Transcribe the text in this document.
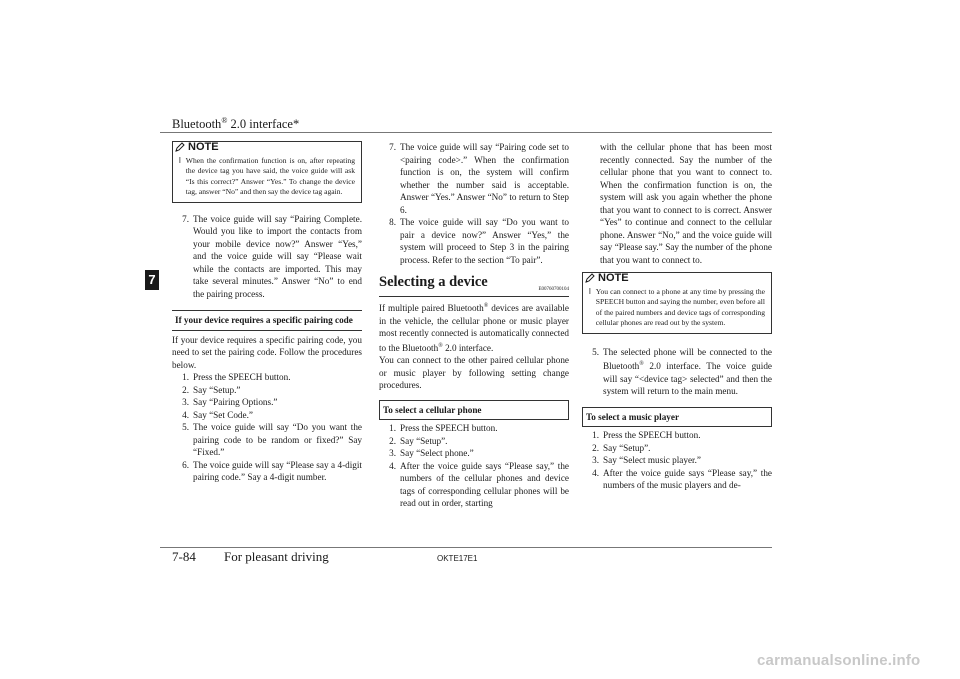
Bluetooth® 2.0 interface*
7
NOTE
l When the confirmation function is on, after repeating the device tag you have said, the voice guide will ask “Is this correct?” Answer “Yes.” To change the device tag, answer “No” and then say the device tag again.
7. The voice guide will say “Pairing Complete. Would you like to import the contacts from your mobile device now?” Answer “Yes,” and the voice guide will say “Please wait while the contacts are imported. This may take several minutes.” Answer “No” to end the pairing process.
If your device requires a specific pairing code

If your device requires a specific pairing code, you need to set the pairing code. Follow the procedures below.

1. Press the SPEECH button.
2. Say “Setup.”
3. Say “Pairing Options.”
4. Say “Set Code.”
5. The voice guide will say “Do you want the pairing code to be random or fixed?” Say “Fixed.”
6. The voice guide will say “Please say a 4-digit pairing code.” Say a 4-digit number.
7. The voice guide will say “Pairing code set to <pairing code>.” When the confirmation function is on, the system will confirm whether the number said is acceptable. Answer “Yes.” Answer “No” to return to Step 6.
8. The voice guide will say “Do you want to pair a device now?” Answer “Yes,” the system will proceed to Step 3 in the pairing process. Refer to the section “To pair”.
Selecting a device	E00760700104

If multiple paired Bluetooth® devices are available in the vehicle, the cellular phone or music player most recently connected is automatically connected to the Bluetooth® 2.0 interface.

You can connect to the other paired cellular phone or music player by following setting change procedures.

To select a cellular phone
1. Press the SPEECH button.
2. Say “Setup”.
3. Say “Select phone.”
4. After the voice guide says “Please say,” the numbers of the cellular phones and device tags of corresponding cellular phones will be read out in order, starting

with the cellular phone that has been most recently connected. Say the number of the cellular phone that you want to connect to. When the confirmation function is on, the system will ask you again whether the phone that you want to connect to is correct. Answer “Yes” to continue and connect to the cellular phone. Answer “No,” and the voice guide will say “Please say.” Say the number of the phone that you want to connect to.

NOTE
l You can connect to a phone at any time by pressing the SPEECH button and saying the number, even before all of the paired numbers and device tags of corresponding cellular phones are read out by the system.
5. The selected phone will be connected to the Bluetooth® 2.0 interface. The voice guide will say “<device tag> selected” and then the system will return to the main menu.
To select a music player
1. Press the SPEECH button.
2. Say “Setup”.
3. Say “Select music player.”
4. After the voice guide says “Please say,” the numbers of the music players and de-
7-84 For pleasant driving	OKTE17E1
carmanualsonline.info
